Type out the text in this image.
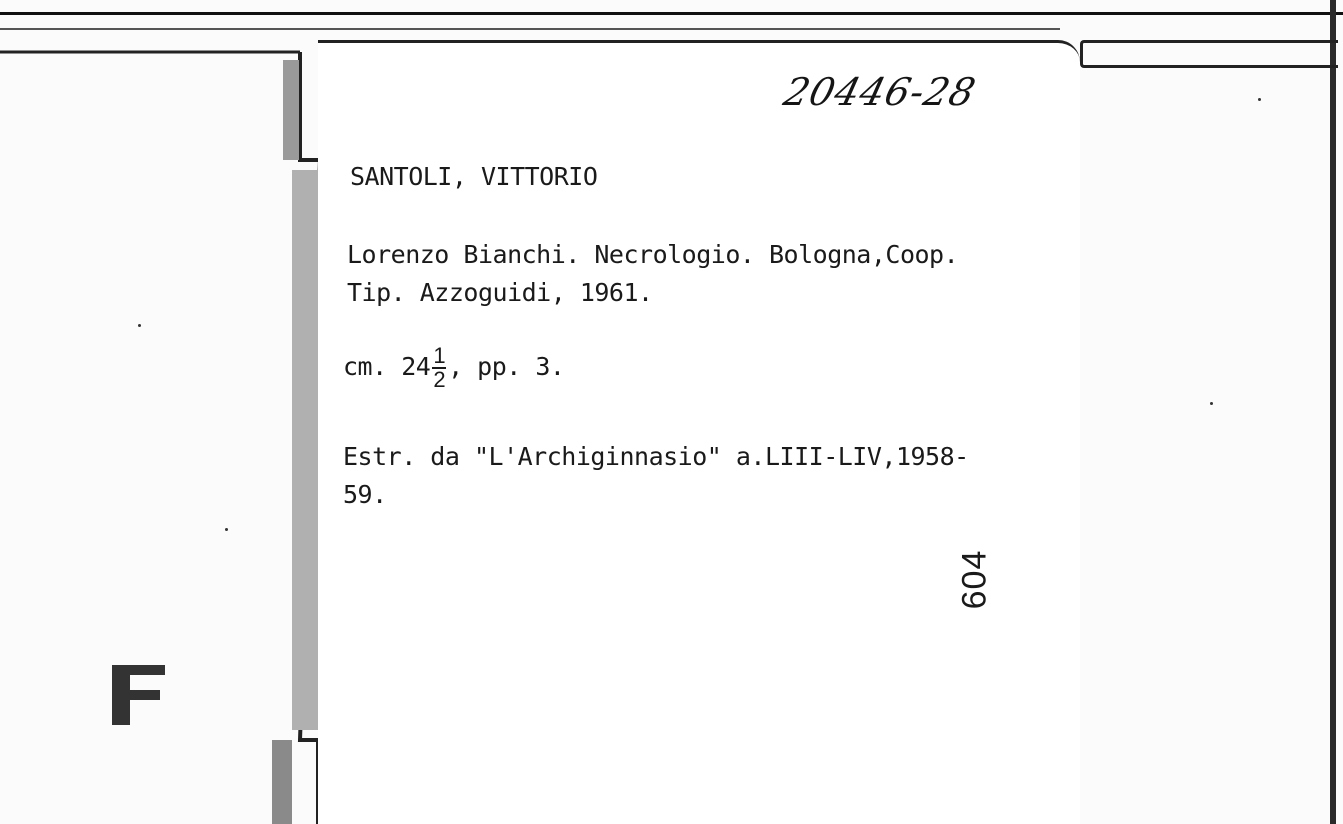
20446-28
SANTOLI, VITTORIO
Lorenzo Bianchi. Necrologio. Bologna,Coop.
Tip. Azzoguidi, 1961.
cm. $24 \frac{1}{2}$ , pp. 3.
Estr. da "L'Archiginnasio" a.LIII-LIV,1958-
59.
604
